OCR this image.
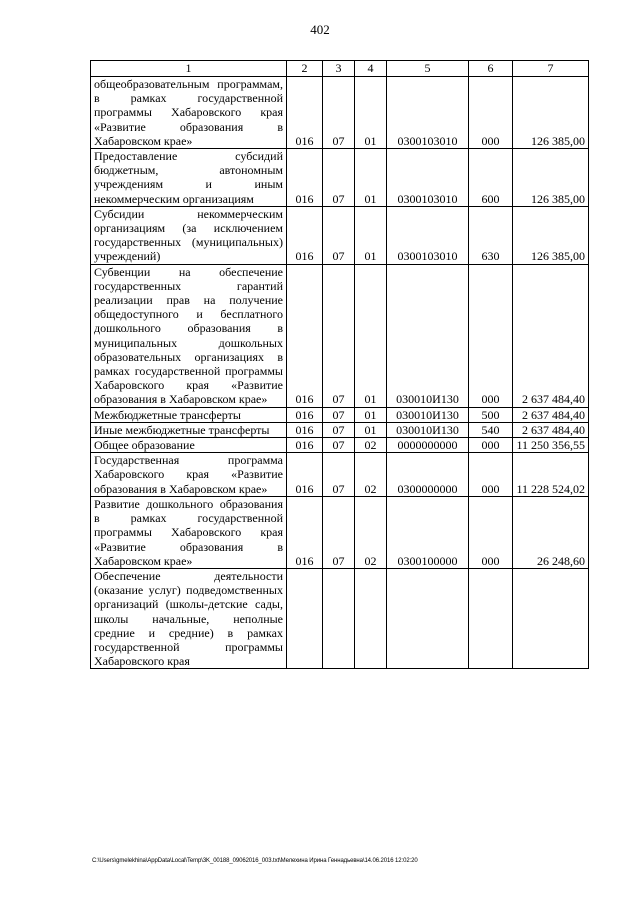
402
1	2	3	4	5	6	7
общеобразовательным программам, в рамках государственной программы Хабаровского края «Развитие образования в Хабаровском крае»	016	07	01	0300103010	000	126 385,00
Предоставление субсидий бюджетным, автономным учреждениям и иным некоммерческим организациям	016	07	01	0300103010	600	126 385,00
Субсидии некоммерческим организациям (за исключением государственных (муниципальных) учреждений)	016	07	01	0300103010	630	126 385,00
Субвенции на обеспечение государственных гарантий реализации прав на получение общедоступного и бесплатного дошкольного образования в муниципальных дошкольных образовательных организациях в рамках государственной программы Хабаровского края «Развитие образования в Хабаровском крае»	016	07	01	030010И130	000	2 637 484,40
Межбюджетные трансферты	016	07	01	030010И130	500	2 637 484,40
Иные межбюджетные трансферты	016	07	01	030010И130	540	2 637 484,40
Общее образование	016	07	02	0000000000	000	11 250 356,55
Государственная программа Хабаровского края «Развитие образования в Хабаровском крае»	016	07	02	0300000000	000	11 228 524,02
Развитие дошкольного образования в рамках государственной программы Хабаровского края «Развитие образования в Хабаровском крае»	016	07	02	0300100000	000	26 248,60
Обеспечение деятельности (оказание услуг) подведомственных организаций (школы-детские сады, школы начальные, неполные средние и средние) в рамках государственной программы Хабаровского края						
C:\Users\gmelekhina\AppData\Local\Temp\3K_00188_09062016_003.txt\Мелехина Ирина Геннадьевна\14.06.2016 12:02:20
